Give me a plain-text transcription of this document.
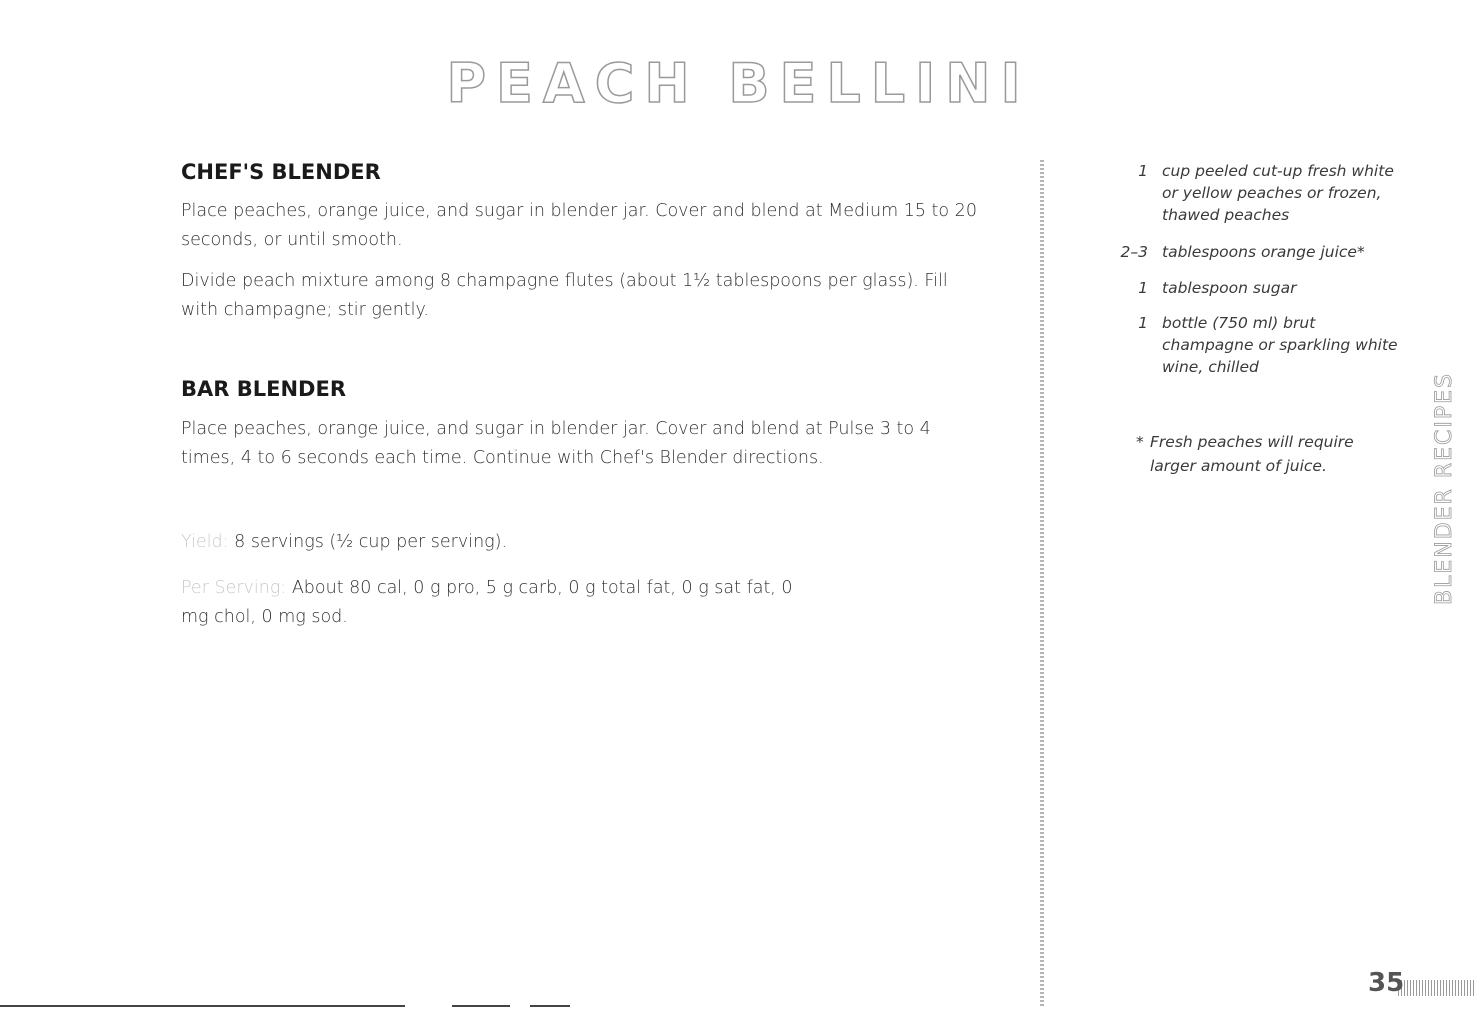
PEACH BELLINI
CHEF'S BLENDER

Place peaches, orange juice, and sugar in blender jar. Cover and blend at Medium 15 to 20 seconds, or until smooth.

Divide peach mixture among 8 champagne flutes (about 1½ tablespoons per glass). Fill with champagne; stir gently.

BAR BLENDER

Place peaches, orange juice, and sugar in blender jar. Cover and blend at Pulse 3 to 4 times, 4 to 6 seconds each time. Continue with Chef's Blender directions.

Yield: 8 servings (½ cup per serving).

Per Serving: About 80 cal, 0 g pro, 5 g carb, 0 g total fat, 0 g sat fat, 0 mg chol, 0 mg sod.

1 cup peeled cut-up fresh white or yellow peaches or frozen, thawed peaches
2–3 tablespoons orange juice*
1 tablespoon sugar
1 bottle (750 ml) brut champagne or sparkling white wine, chilled
* Fresh peaches will require larger amount of juice.	BLENDER RECIPES
35
